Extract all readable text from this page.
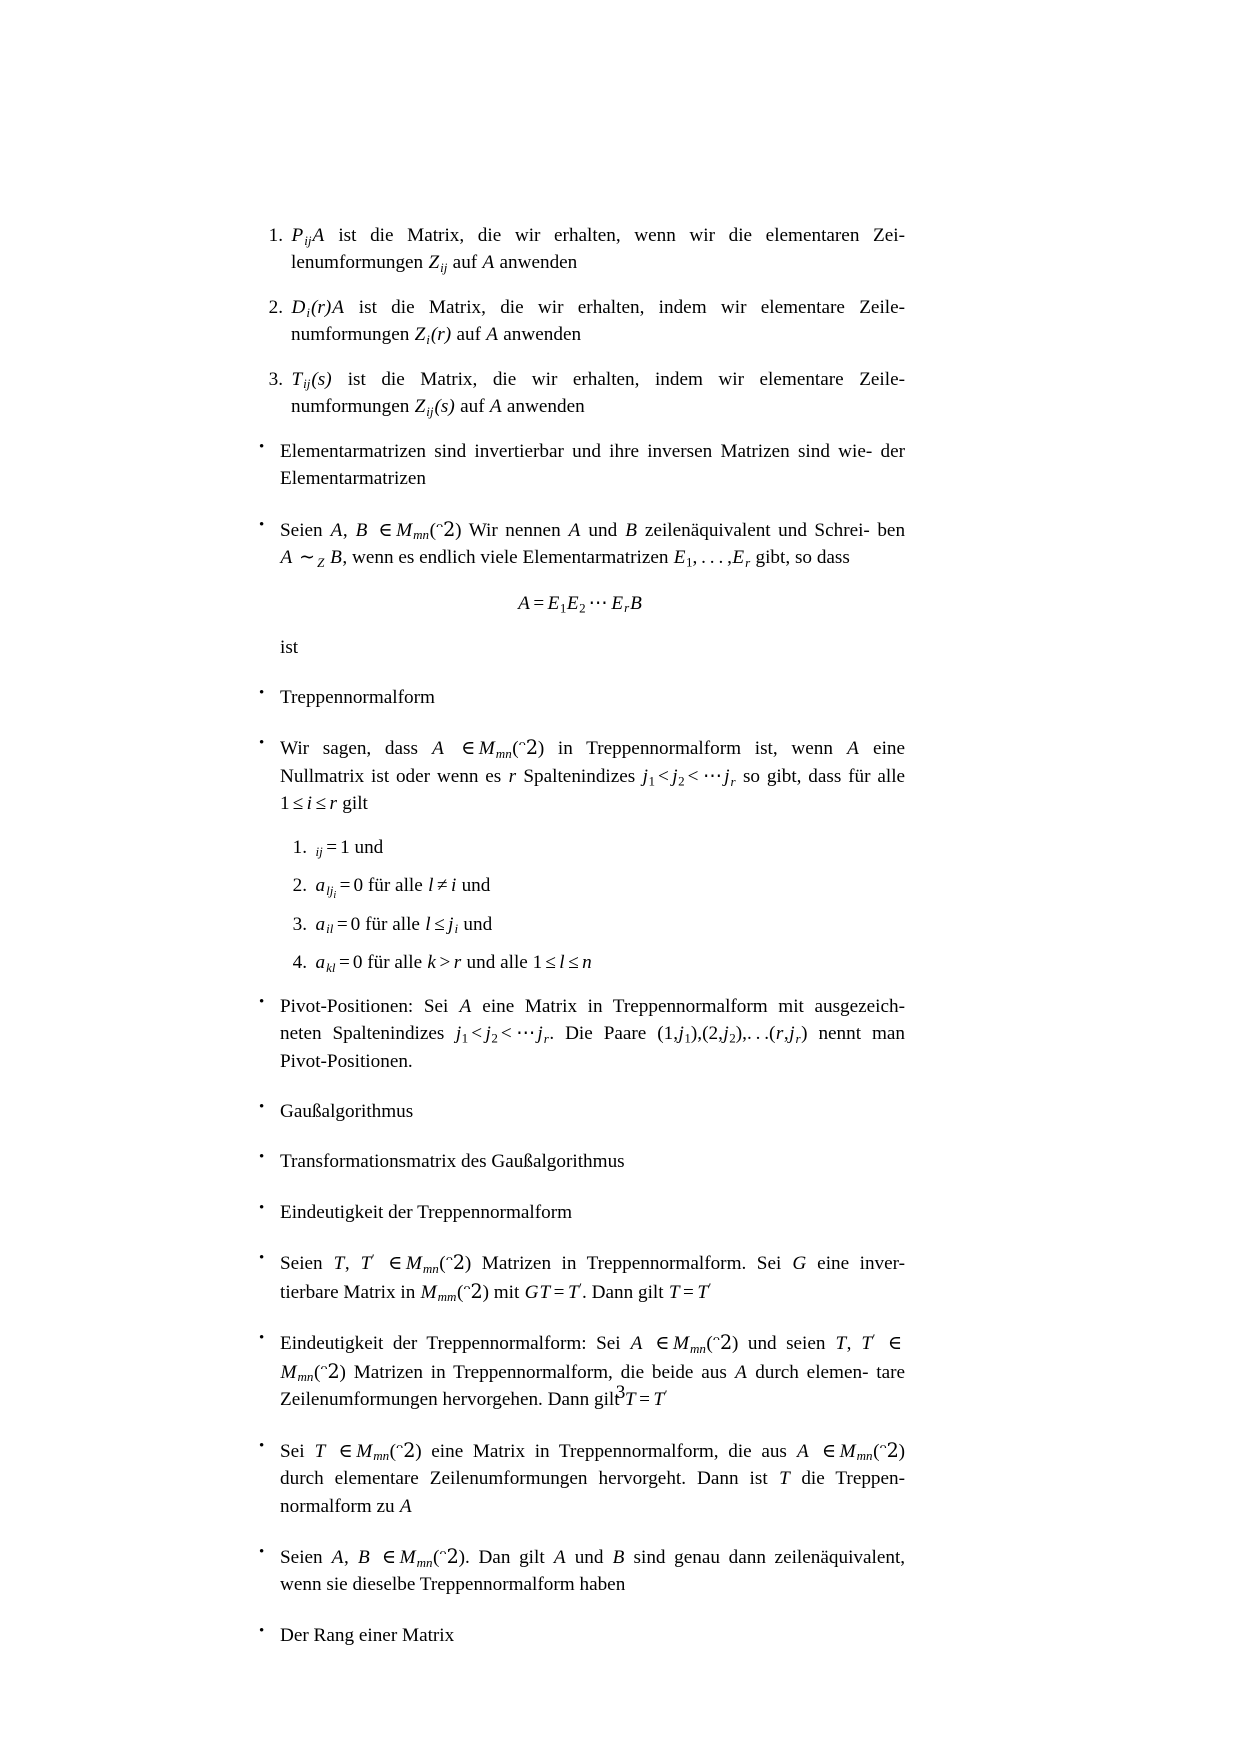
1. $P_{ij}A$ ist die Matrix, die wir erhalten, wenn wir die elementaren Zei- lenumformungen $Z_{ij}$ auf A anwenden
2. $D_i(r)A$ ist die Matrix, die wir erhalten, indem wir elementare Zeile- numformungen $Z_i(r)$ auf A anwenden
3. $T_{ij}(s)$ ist die Matrix, die wir erhalten, indem wir elementare Zeile- numformungen $Z_{ij}(s)$ auf A anwenden
• Elementarmatrizen sind invertierbar und ihre inversen Matrizen sind wie- der Elementarmatrizen
• Seien A, B ∈ $M_{mn}(ᵔ2)$ Wir nennen A und B zeilenäquivalent und Schrei- ben A ∼ $_Z$ B, wenn es endlich viele Elementarmatrizen $E_1$, . . . $,E_r$ gibt, so dass
$A = E_1E_2$ ⋯ $E_rB$
ist
• Treppennormalform
• Wir sagen, dass A ∈ $M_{mn}(ᵔ2)$ in Treppennormalform ist, wenn A eine Nullmatrix ist oder wenn es r Spaltenindizes $j_1 < j_2$ < ⋯ $j_r$ so gibt, dass für alle 1 ≤ i ≤ r gilt
1. $_{ij}$ = 1 und
2. $a_{lj_i} = 0$ für alle l ≠ i und
3. $a_{il} = 0$ für alle $l \le j_i$ und
4. $a_{kl} = 0$ für alle k > r und alle 1 ≤ l ≤ n
• Pivot-Positionen: Sei A eine Matrix in Treppennormalform mit ausgezeich- neten Spaltenindizes $j_1 < j_2$ < ⋯ $j_r$. Die Paare $(1,j_1),(2,j_2)$,. . $.(r,j_r)$ nennt man Pivot-Positionen.
• Gaußalgorithmus
• Transformationsmatrix des Gaußalgorithmus
• Eindeutigkeit der Treppennormalform
• Seien T, T′ ∈ $M_{mn}(ᵔ2)$ Matrizen in Treppennormalform. Sei G eine inver- tierbare Matrix in $M_{mm}(ᵔ2)$ mit GT = T′. Dann gilt T = T′
• Eindeutigkeit der Treppennormalform: Sei A ∈ $M_{mn}(ᵔ2)$ und seien T, T′ ∈ $M_{mn}(ᵔ2)$ Matrizen in Treppennormalform, die beide aus A durch elemen- tare Zeilenumformungen hervorgehen. Dann gilt T = T′
• Sei T ∈ $M_{mn}(ᵔ2)$ eine Matrix in Treppennormalform, die aus A ∈ $M_{mn}(ᵔ2)$ durch elementare Zeilenumformungen hervorgeht. Dann ist T die Treppen- normalform zu A
• Seien A, B ∈ $M_{mn}(ᵔ2)$. Dan gilt A und B sind genau dann zeilenäquivalent, wenn sie dieselbe Treppennormalform haben
• Der Rang einer Matrix
3
